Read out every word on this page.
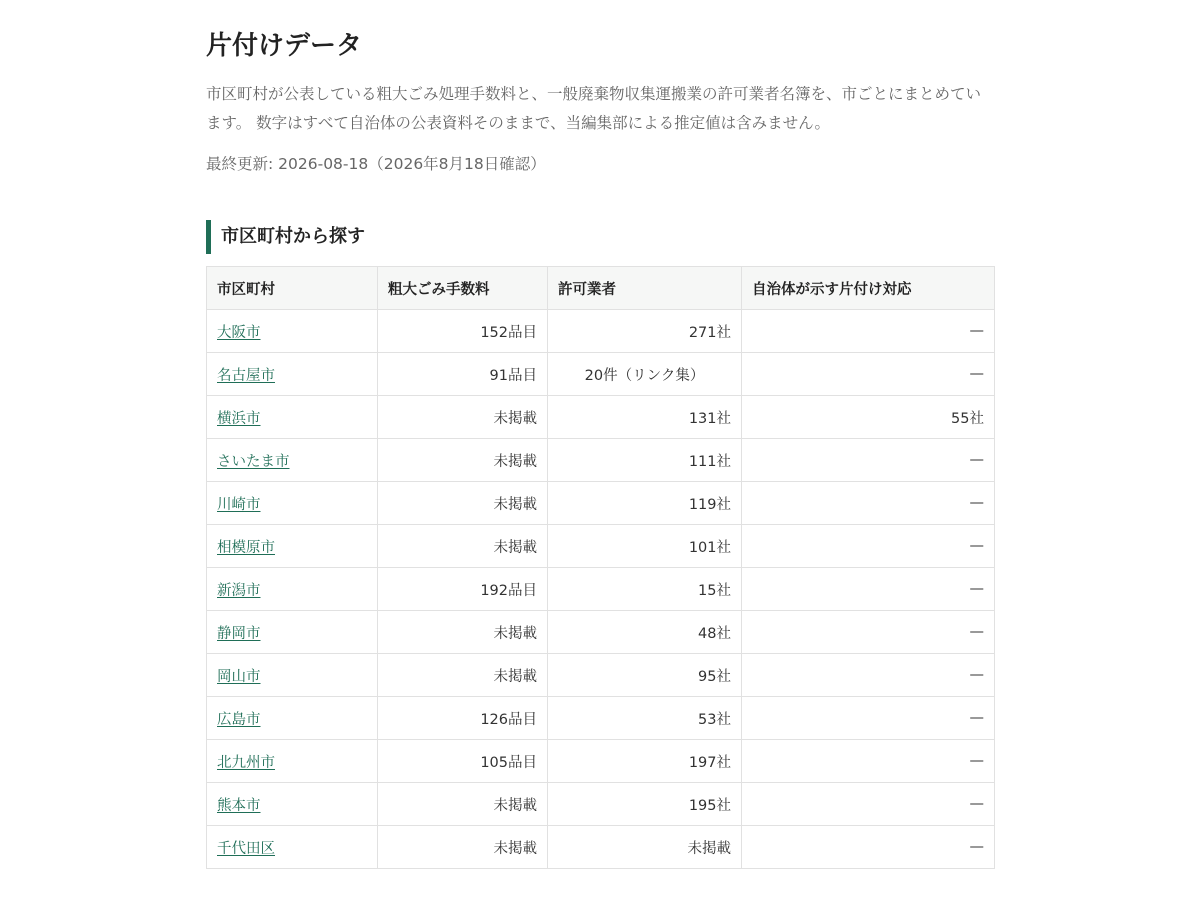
片付けデータ

市区町村が公表している粗大ごみ処理手数料と、一般廃棄物収集運搬業の許可業者名簿を、市ごとにまとめています。 数字はすべて自治体の公表資料そのままで、当編集部による推定値は含みません。

最終更新: 2026-08-18（2026年8月18日確認）

市区町村から探す
市区町村	粗大ごみ手数料	許可業者	自治体が示す片付け対応
大阪市	152品目	271社	—
名古屋市	91品目	20件（リンク集）	—
横浜市	未掲載	131社	55社
さいたま市	未掲載	111社	—
川崎市	未掲載	119社	—
相模原市	未掲載	101社	—
新潟市	192品目	15社	—
静岡市	未掲載	48社	—
岡山市	未掲載	95社	—
広島市	126品目	53社	—
北九州市	105品目	197社	—
熊本市	未掲載	195社	—
千代田区	未掲載	未掲載	—
